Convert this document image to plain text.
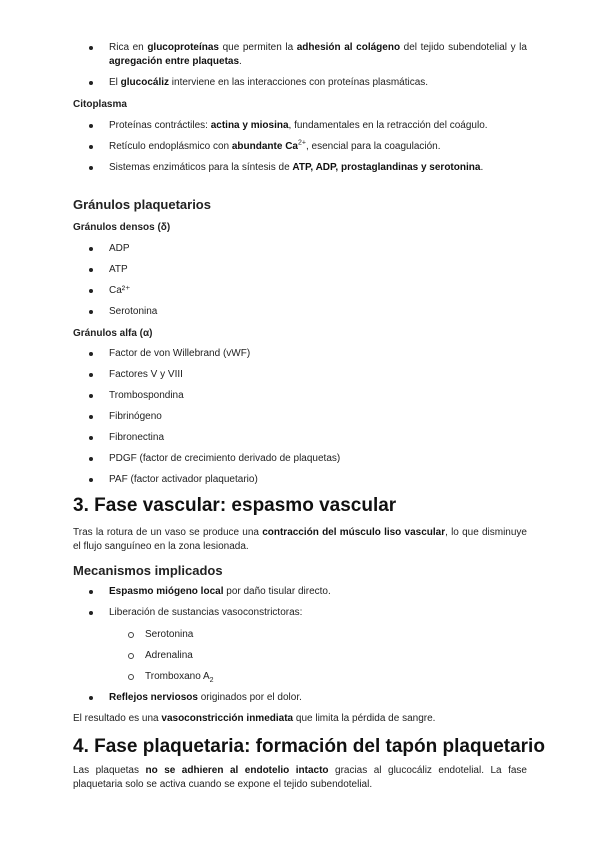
Rica en glucoproteínas que permiten la adhesión al colágeno del tejido subendotelial y la agregación entre plaquetas.
El glucocáliz interviene en las interacciones con proteínas plasmáticas.
Citoplasma
Proteínas contráctiles: actina y miosina, fundamentales en la retracción del coágulo.
Retículo endoplásmico con abundante $Ca^{2+}$, esencial para la coagulación.
Sistemas enzimáticos para la síntesis de ATP, ADP, prostaglandinas y serotonina.
Gránulos plaquetarios
Gránulos densos (δ)
ADP
ATP
Ca²⁺
Serotonina
Gránulos alfa (α)
Factor de von Willebrand (vWF)
Factores V y VIII
Trombospondina
Fibrinógeno
Fibronectina
PDGF (factor de crecimiento derivado de plaquetas)
PAF (factor activador plaquetario)
3. Fase vascular: espasmo vascular

Tras la rotura de un vaso se produce una contracción del músculo liso vascular, lo que disminuye el flujo sanguíneo en la zona lesionada.

Mecanismos implicados
Espasmo miógeno local por daño tisular directo.
Liberación de sustancias vasoconstrictoras:
Serotonina
Adrenalina
Tromboxano $A_2$
Reflejos nerviosos originados por el dolor.

El resultado es una vasoconstricción inmediata que limita la pérdida de sangre.

4. Fase plaquetaria: formación del tapón plaquetario

Las plaquetas no se adhieren al endotelio intacto gracias al glucocáliz endotelial. La fase plaquetaria solo se activa cuando se expone el tejido subendotelial.
